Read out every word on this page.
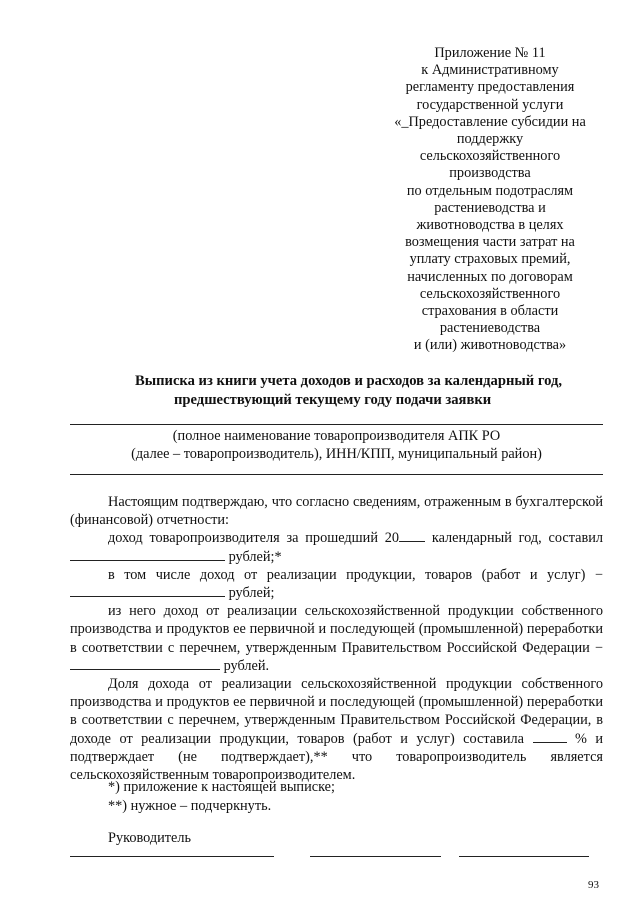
Приложение № 11
к Административному
регламенту предоставления
государственной услуги
«_Предоставление субсидии на
поддержку
сельскохозяйственного
производства
по отдельным подотраслям
растениеводства и
животноводства в целях
возмещения части затрат на
уплату страховых премий,
начисленных по договорам
сельскохозяйственного
страхования в области
растениеводства
и (или) животноводства»
Выписка из книги учета доходов и расходов за календарный год,
предшествующий текущему году подачи заявки
(полное наименование товаропроизводителя АПК РО
(далее – товаропроизводитель), ИНН/КПП, муниципальный район)

Настоящим подтверждаю, что согласно сведениям, отраженным в бухгалтерской (финансовой) отчетности:

доход товаропроизводителя за прошедший 20 календарный год, составил

рублей;*

в том числе доход от реализации продукции, товаров (работ и услуг) −

рублей;

из него доход от реализации сельскохозяйственной продукции собственного производства и продуктов ее первичной и последующей (промышленной) переработки в соответствии с перечнем, утвержденным Правительством Российской Федерации −  рублей.

Доля дохода от реализации сельскохозяйственной продукции собственного производства и продуктов ее первичной и последующей (промышленной) переработки в соответствии с перечнем, утвержденным Правительством Российской Федерации, в доходе от реализации продукции, товаров (работ и услуг) составила	% и подтверждает (не подтверждает),** что товаропроизводитель является сельскохозяйственным товаропроизводителем.

*) приложение к настоящей выписке;
**) нужное – подчеркнуть.
Руководитель
93
